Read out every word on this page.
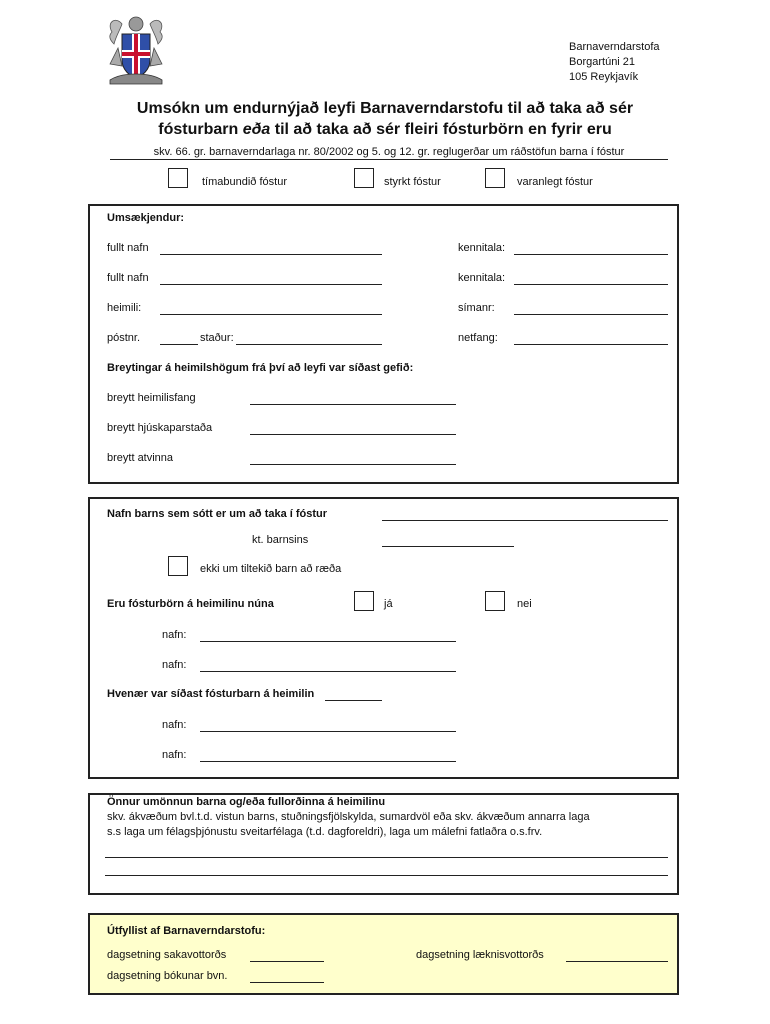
Barnaverndarstofa
Borgartúni 21
105 Reykjavík
Umsókn um endurnýjað leyfi Barnaverndarstofu til að taka að sér
fósturbarn eða til að taka að sér fleiri fósturbörn en fyrir eru
skv. 66. gr. barnaverndarlaga nr. 80/2002 og 5. og 12. gr. reglugerðar um ráðstöfun barna í fóstur
tímabundið fóstur	styrkt fóstur	varanlegt fóstur
Umsækjendur:
fullt nafn	kennitala:
fullt nafn	kennitala:
heimili:	símanr:
póstnr.	staður:	netfang:
Breytingar á heimilshögum frá því að leyfi var síðast gefið:
breytt heimilisfang
breytt hjúskaparstaða
breytt atvinna
Nafn barns sem sótt er um að taka í fóstur
kt. barnsins
ekki um tiltekið barn að ræða
Eru fósturbörn á heimilinu núna	já	nei
nafn:
nafn:
Hvenær var síðast fósturbarn á heimilin
nafn:
nafn:
Önnur umönnun barna og/eða fullorðinna á heimilinu
skv. ákvæðum bvl.t.d. vistun barns, stuðningsfjölskylda, sumardvöl eða skv. ákvæðum annarra laga
s.s laga um félagsþjónustu sveitarfélaga (t.d. dagforeldri), laga um málefni fatlaðra o.s.frv.
Útfyllist af Barnaverndarstofu:
dagsetning sakavottorðs	dagsetning læknisvottorðs
dagsetning bókunar bvn.
